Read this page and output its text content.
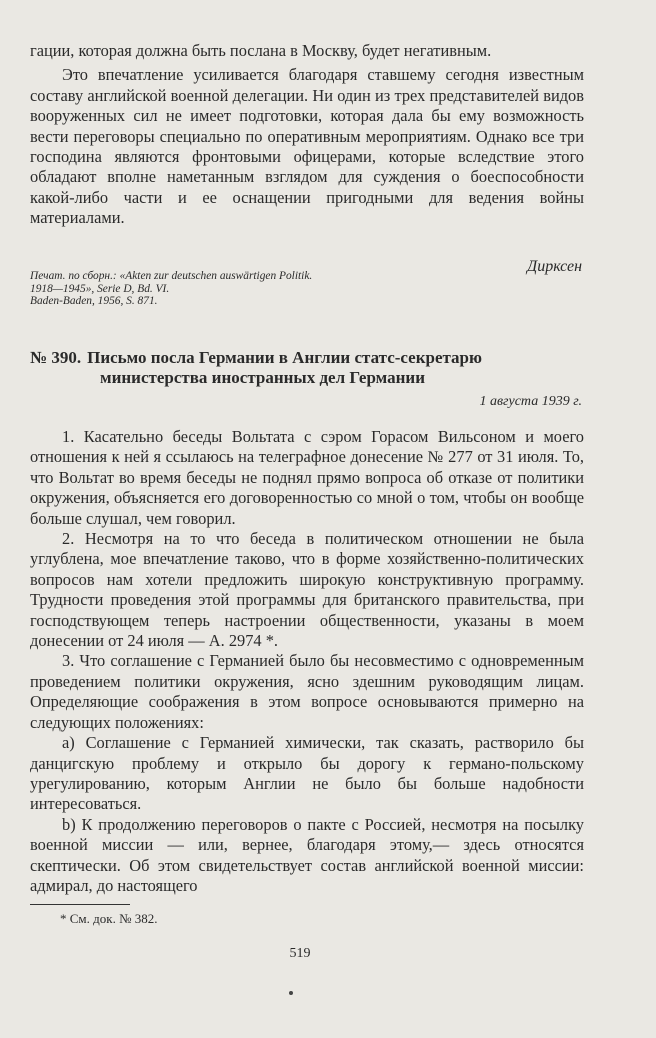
гации, которая должна быть послана в Москву, будет негативным.

Это впечатление усиливается благодаря ставшему сегодня известным составу английской военной делегации. Ни один из трех представителей видов вооруженных сил не имеет подготовки, которая дала бы ему возможность вести переговоры специально по оперативным мероприятиям. Однако все три господина являются фронтовыми офицерами, которые вследствие этого обладают вполне наметанным взглядом для суждения о боеспособности какой-либо части и ее оснащении пригодными для ведения войны материалами.

Дирксен
Печат. по сборн.: «Akten zur deutschen auswärtigen Politik. 1918—1945», Serie D, Bd. VI.
Baden-Baden, 1956, S. 871.
№ 390. Письмо посла Германии в Англии статс-секретарю
министерства иностранных дел Германии
1 августа 1939 г.

1. Касательно беседы Вольтата с сэром Горасом Вильсоном и моего отношения к ней я ссылаюсь на телеграфное донесение № 277 от 31 июля. То, что Вольтат во время беседы не поднял прямо вопроса об отказе от политики окружения, объясняется его договоренностью со мной о том, чтобы он вообще больше слушал, чем говорил.

2. Несмотря на то что беседа в политическом отношении не была углублена, мое впечатление таково, что в форме хозяйственно-политических вопросов нам хотели предложить широкую конструктивную программу. Трудности проведения этой программы для британского правительства, при господствующем теперь настроении общественности, указаны в моем донесении от 24 июля — А. 2974 *.

3. Что соглашение с Германией было бы несовместимо с одновременным проведением политики окружения, ясно здешним руководящим лицам. Определяющие соображения в этом вопросе основываются примерно на следующих положениях:

а) Соглашение с Германией химически, так сказать, растворило бы данцигскую проблему и открыло бы дорогу к германо-польскому урегулированию, которым Англии не было бы больше надобности интересоваться.

b) К продолжению переговоров о пакте с Россией, несмотря на посылку военной миссии — или, вернее, благодаря этому,— здесь относятся скептически. Об этом свидетельствует состав английской военной миссии: адмирал, до настоящего

* См. док. № 382.
519
